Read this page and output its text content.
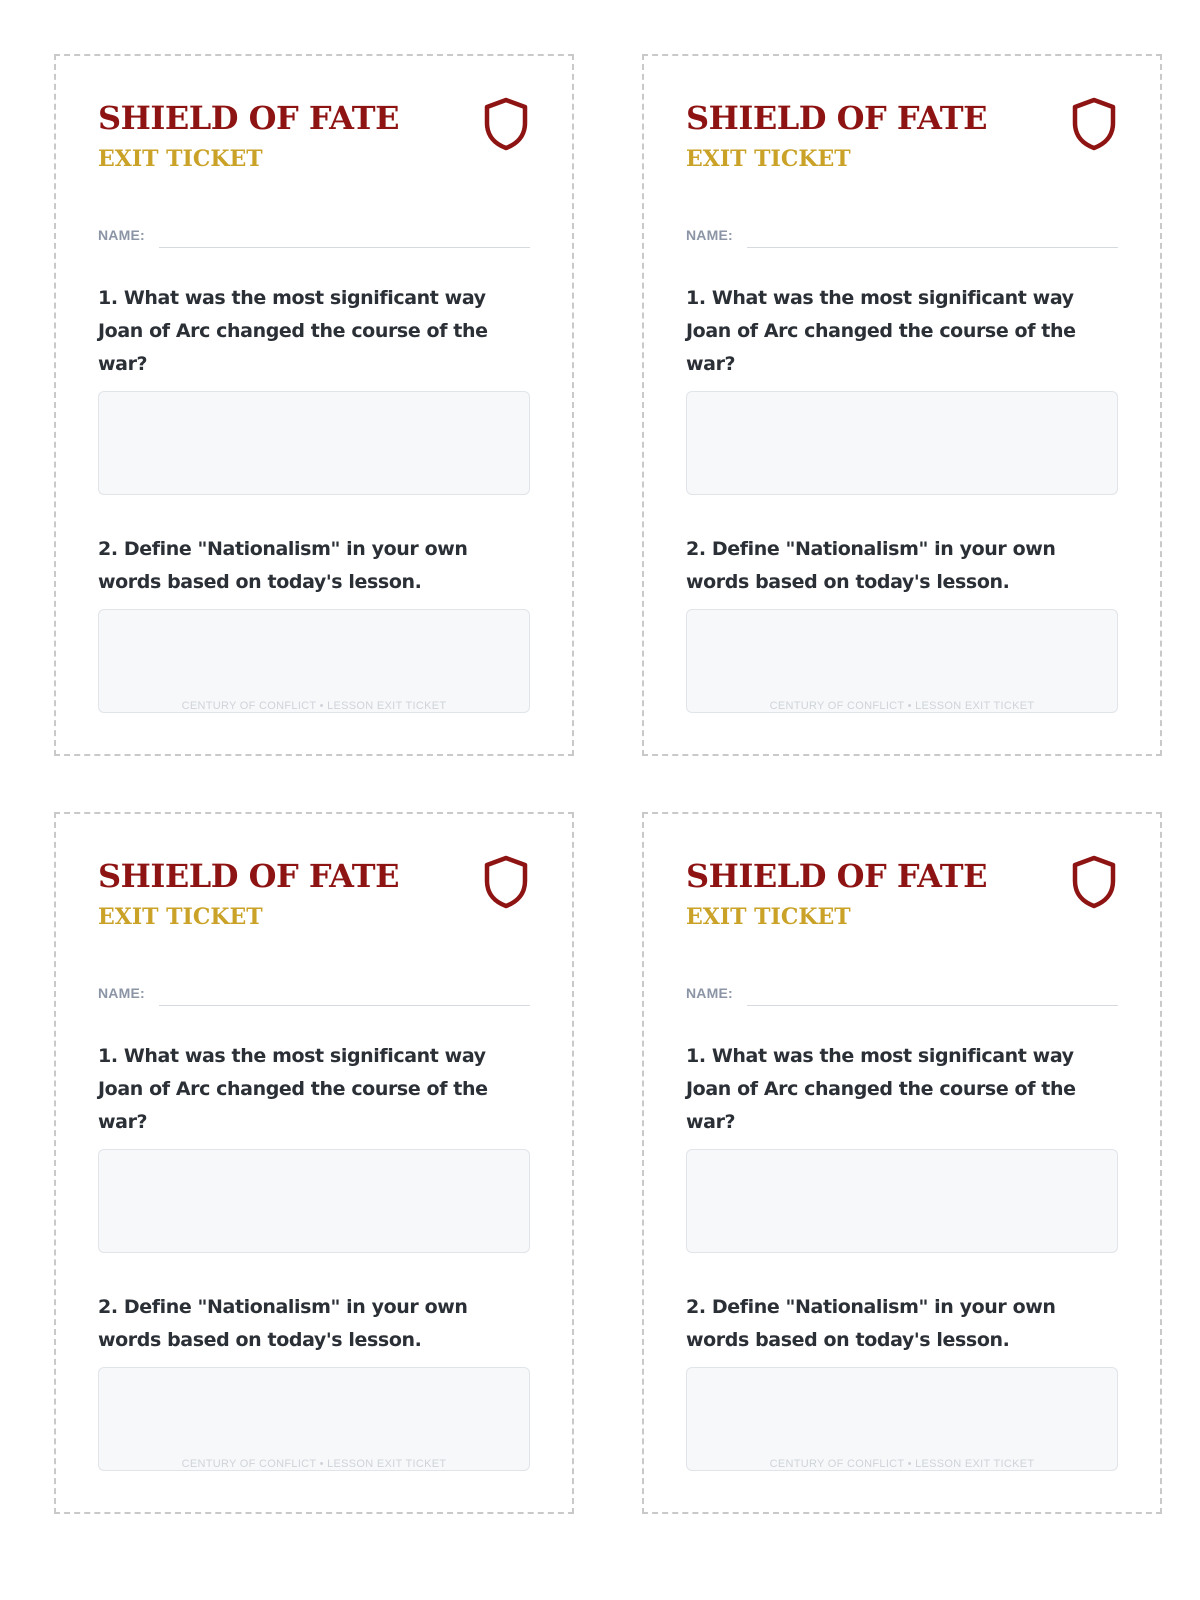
SHIELD OF FATE
EXIT TICKET
NAME:
1. What was the most significant way Joan of Arc changed the course of the war?
2. Define "Nationalism" in your own words based on today's lesson.
CENTURY OF CONFLICT • LESSON EXIT TICKET
SHIELD OF FATE
EXIT TICKET
NAME:
1. What was the most significant way Joan of Arc changed the course of the war?
2. Define "Nationalism" in your own words based on today's lesson.
CENTURY OF CONFLICT • LESSON EXIT TICKET
SHIELD OF FATE
EXIT TICKET
NAME:
1. What was the most significant way Joan of Arc changed the course of the war?
2. Define "Nationalism" in your own words based on today's lesson.
CENTURY OF CONFLICT • LESSON EXIT TICKET
SHIELD OF FATE
EXIT TICKET
NAME:
1. What was the most significant way Joan of Arc changed the course of the war?
2. Define "Nationalism" in your own words based on today's lesson.
CENTURY OF CONFLICT • LESSON EXIT TICKET
